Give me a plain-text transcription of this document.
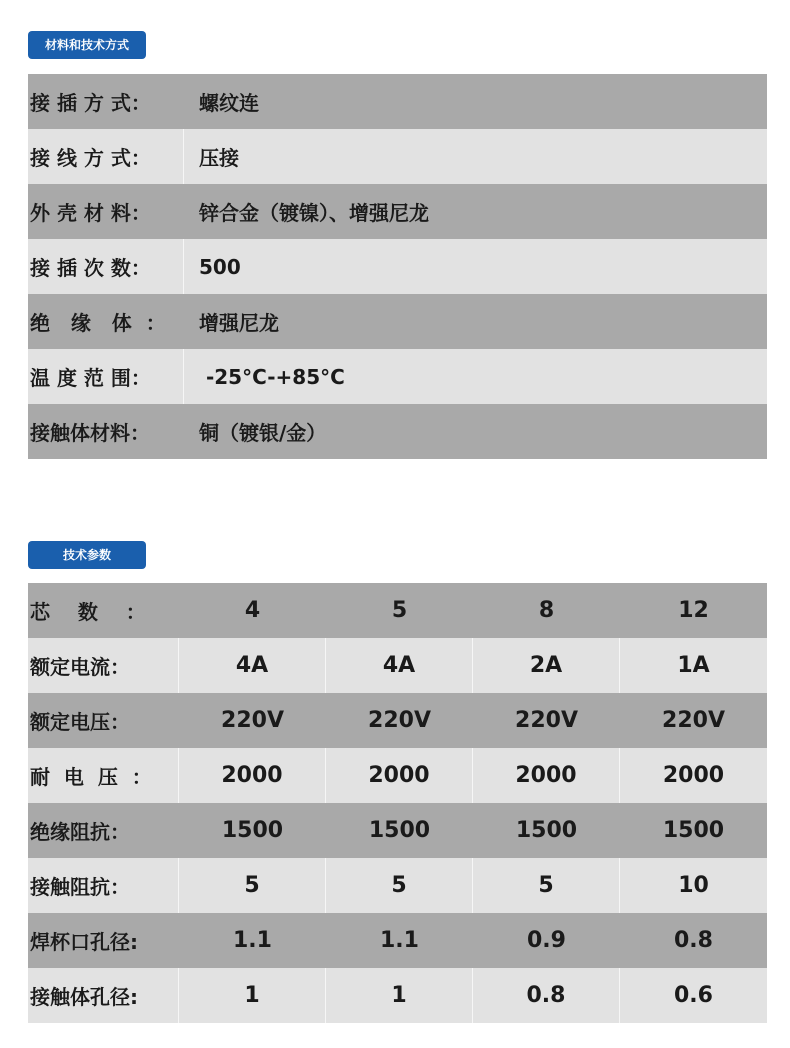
材料和技术方式
接 插 方 式：	螺纹连
接 线 方 式：	压接
外 壳 材 料：	锌合金（镀镍）、增强尼龙
接 插 次 数：	500
绝   缘   体  ：	增强尼龙
温 度 范 围：	-25°C-+85°C
接触体材料：	铜（镀银/金）
技术参数
芯    数    ：	4	5	8	12
额定电流：	4A	4A	2A	1A
额定电压：	220V	220V	220V	220V
耐  电  压  ：	2000	2000	2000	2000
绝缘阻抗：	1500	1500	1500	1500
接触阻抗：	5	5	5	10
焊杯口孔径:	1.1	1.1	0.9	0.8
接触体孔径:	1	1	0.8	0.6
